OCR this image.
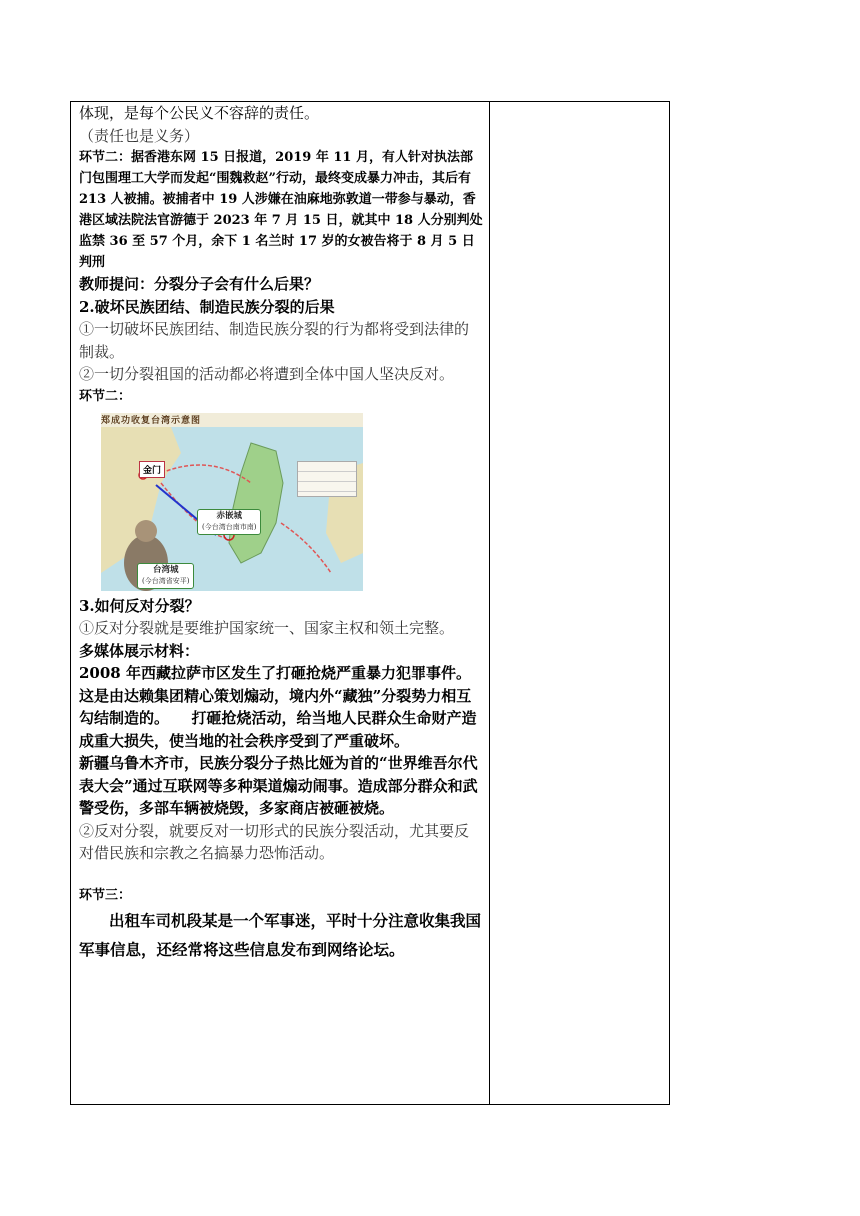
体现，是每个公民义不容辞的责任。

（责任也是义务）

环节二：据香港东网 15 日报道，2019 年 11 月，有人针对执法部门包围理工大学而发起“围魏救赵”行动，最终变成暴力冲击，其后有 213 人被捕。被捕者中 19 人涉嫌在油麻地弥敦道一带参与暴动，香港区域法院法官游德于 2023 年 7 月 15 日，就其中 18 人分别判处监禁 36 至 57 个月，余下 1 名兰时 17 岁的女被告将于 8 月 5 日判刑

教师提问：分裂分子会有什么后果？

2.破坏民族团结、制造民族分裂的后果

①一切破坏民族团结、制造民族分裂的行为都将受到法律的制裁。

②一切分裂祖国的活动都必将遭到全体中国人坚决反对。

环节二：

郑成功收复台湾示意图
金门
赤嵌城
(今台湾台南市南)
台湾城
(今台湾省安平)

3.如何反对分裂？

①反对分裂就是要维护国家统一、国家主权和领土完整。

多媒体展示材料：

2008 年西藏拉萨市区发生了打砸抢烧严重暴力犯罪事件。这是由达赖集团精心策划煽动，境内外“藏独”分裂势力相互勾结制造的。　　打砸抢烧活动，给当地人民群众生命财产造成重大损失，使当地的社会秩序受到了严重破坏。

新疆乌鲁木齐市，民族分裂分子热比娅为首的“世界维吾尔代表大会”通过互联网等多种渠道煽动闹事。造成部分群众和武警受伤，多部车辆被烧毁，多家商店被砸被烧。

②反对分裂，就要反对一切形式的民族分裂活动，尤其要反对借民族和宗教之名搞暴力恐怖活动。

环节三：

出租车司机段某是一个军事迷，平时十分注意收集我国军事信息，还经常将这些信息发布到网络论坛。
